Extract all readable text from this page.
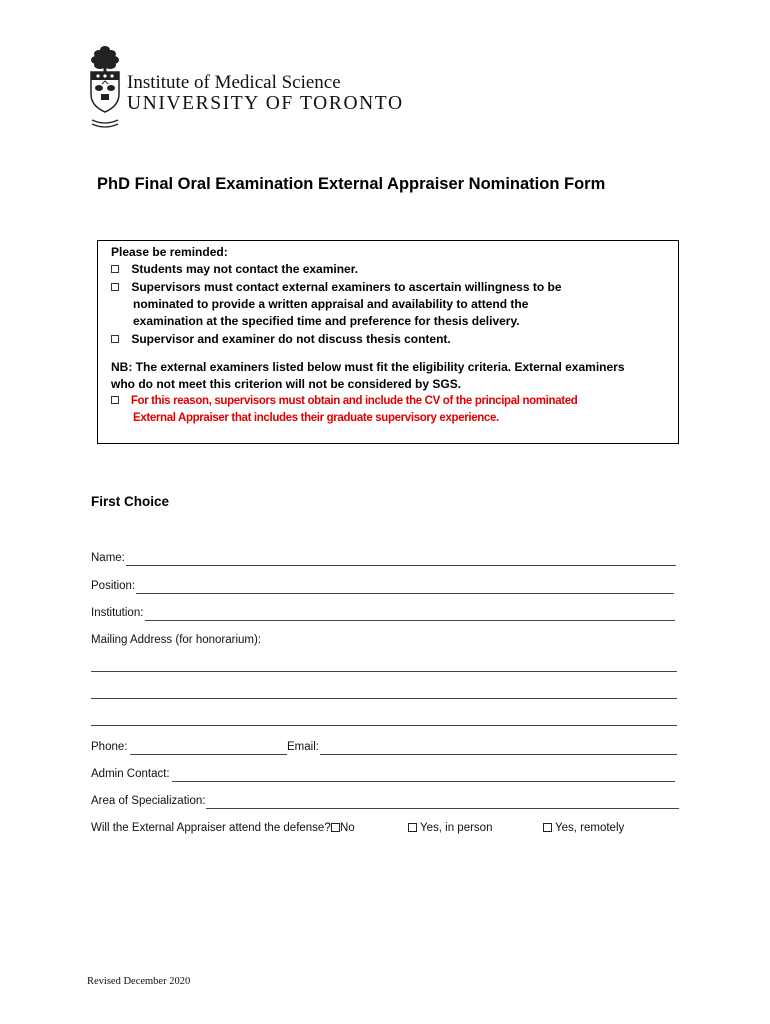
Institute of Medical Science
UNIVERSITY OF TORONTO
PhD Final Oral Examination External Appraiser Nomination Form
Please be reminded:
Students may not contact the examiner.
Supervisors must contact external examiners to ascertain willingness to be
nominated to provide a written appraisal and availability to attend the
examination at the specified time and preference for thesis delivery.
Supervisor and examiner do not discuss thesis content.
NB: The external examiners listed below must fit the eligibility criteria. External examiners
who do not meet this criterion will not be considered by SGS.
For this reason, supervisors must obtain and include the CV of the principal nominated
External Appraiser that includes their graduate supervisory experience.
First Choice
Name:
Position:
Institution:
Mailing Address (for honorarium):
Phone:	Email:
Admin Contact:
Area of Specialization:
Will the External Appraiser attend the defense? No	Yes, in person	Yes, remotely
Revised December 2020
